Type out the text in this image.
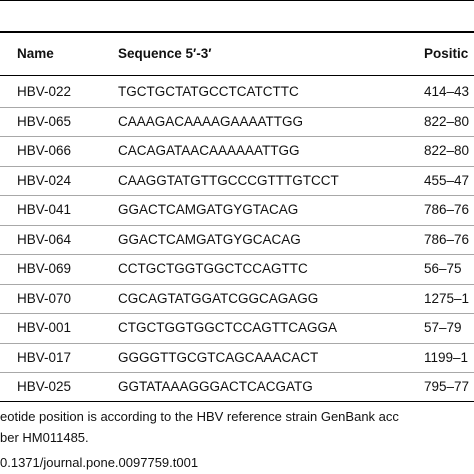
Name	Sequence 5′-3′	Positic
HBV-022	TGCTGCTATGCCTCATCTTC	414–43
HBV-065	CAAAGACAAAAGAAAATTGG	822–80
HBV-066	CACAGATAACAAAAAATTGG	822–80
HBV-024	CAAGGTATGTTGCCCGTTTGTCCT	455–47
HBV-041	GGACTCAMGATGYGTACAG	786–76
HBV-064	GGACTCAMGATGYGCACAG	786–76
HBV-069	CCTGCTGGTGGCTCCAGTTC	56–75
HBV-070	CGCAGTATGGATCGGCAGAGG	1275–1
HBV-001	CTGCTGGTGGCTCCAGTTCAGGA	57–79
HBV-017	GGGGTTGCGTCAGCAAACACT	1199–1
HBV-025	GGTATAAAGGGACTCACGATG	795–77
eotide position is according to the HBV reference strain GenBank acc
ber HM011485.
0.1371/journal.pone.0097759.t001
